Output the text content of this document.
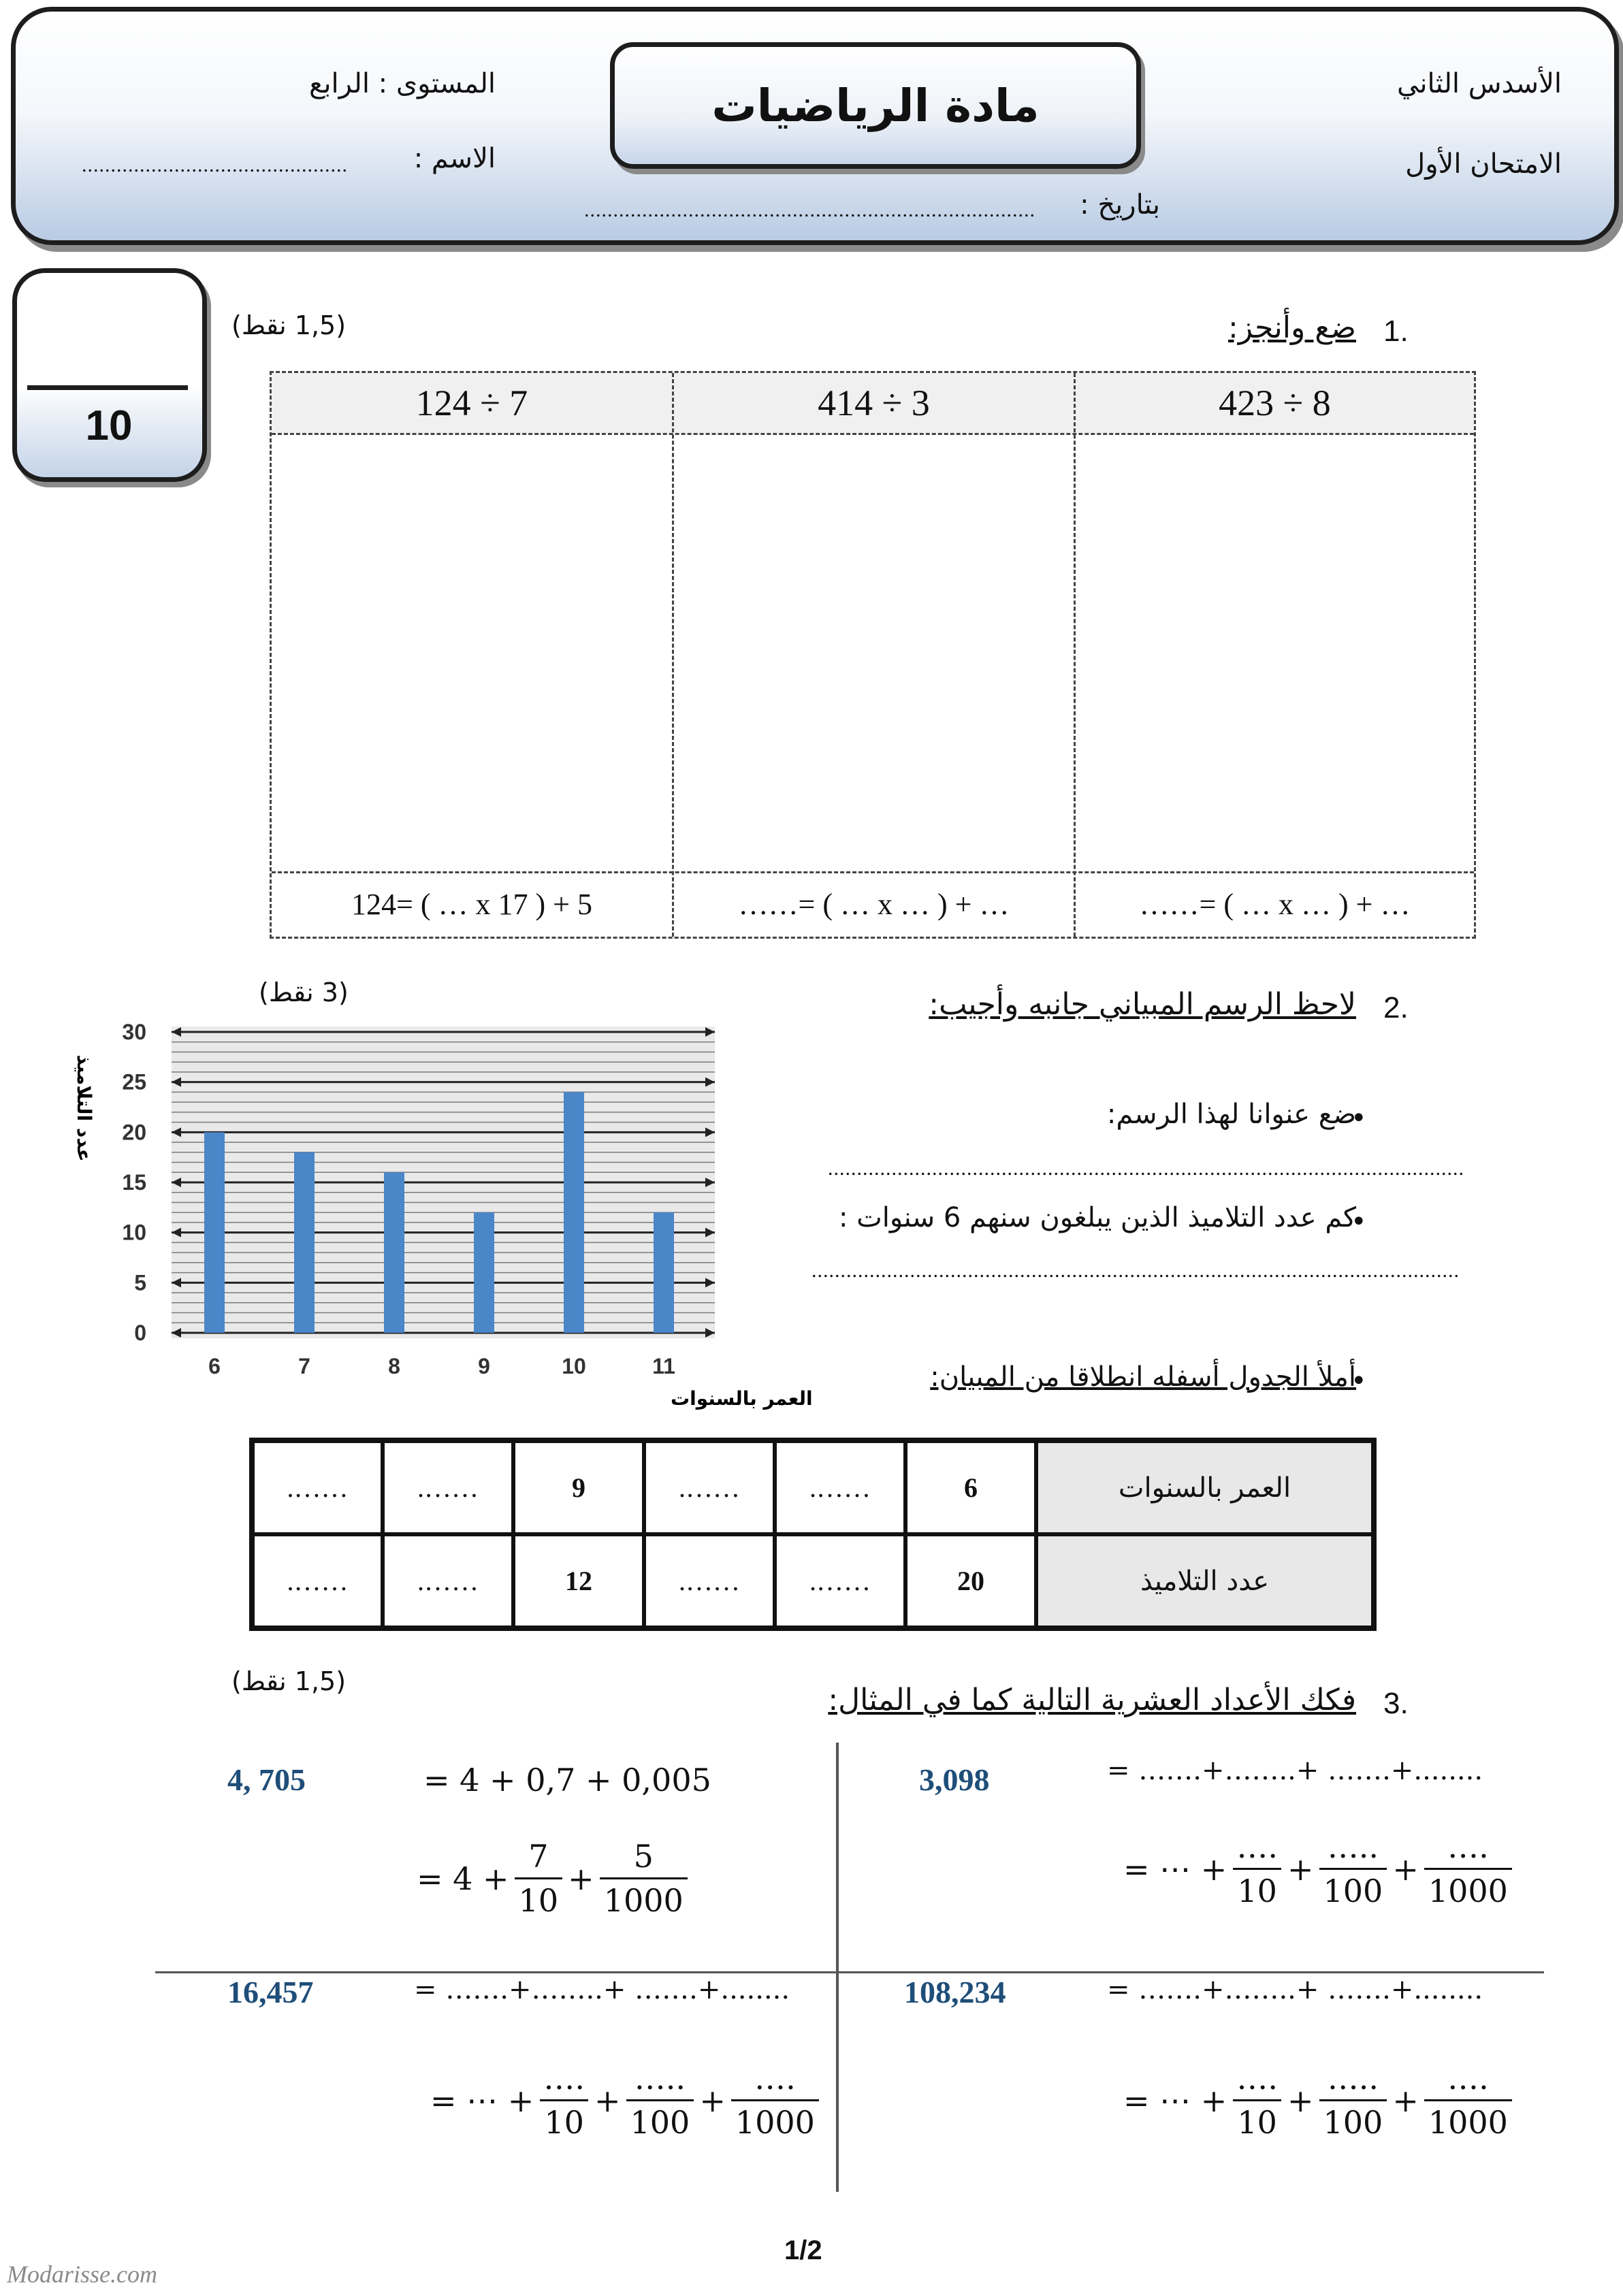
مادة الرياضيات	الأسدس الثاني
الامتحان الأول
المستوى : الرابع
الاسم :
..............................................
بتاريخ :
..............................................................................
10
1.
ضع وأنجز:
(1,5 نقط)
124 ÷ 7	414 ÷ 3	423 ÷ 8
124= ( … x 17 ) + 5	……= ( … x … ) + …	……= ( … x … ) + …
2.
لاحظ الرسم المبياني جانبه وأجيب:
(3 نقط)
0
5
10
15
20
25
30
6	7	8	9	10	11
عدد التلاميذ
العمر بالسنوات
•
ضع عنوانا لهذا الرسم:
..............................................................................................................
•
كم عدد التلاميذ الذين يبلغون سنهم 6 سنوات :
................................................................................................................
•
أملأ الجدول أسفله انطلاقا من المبيان:
العمر بالسنوات	6	…….	…….	9	…….	…….
عدد التلاميذ	20	…….	…….	12	…….	…….
3.
فكك الأعداد العشرية التالية كما في المثال:
(1,5 نقط)
4, 705	= 4 + 0,7 + 0,005
= $4 + \frac{7}{10} + \frac{5}{1000}$
3,098	= …….+……..+ …….+........
= ⋯ + $\frac{\dots.}{10} + \frac{\dots..}{100} + \frac{\dots.}{1000}$
16,457	= …….+……..+ …….+........
= ⋯ + $\frac{\dots.}{10} + \frac{\dots..}{100} + \frac{\dots.}{1000}$
108,234	= …….+……..+ …….+........
= ⋯ + $\frac{\dots.}{10} + \frac{\dots..}{100} + \frac{\dots.}{1000}$
1/2
Modarisse.com
